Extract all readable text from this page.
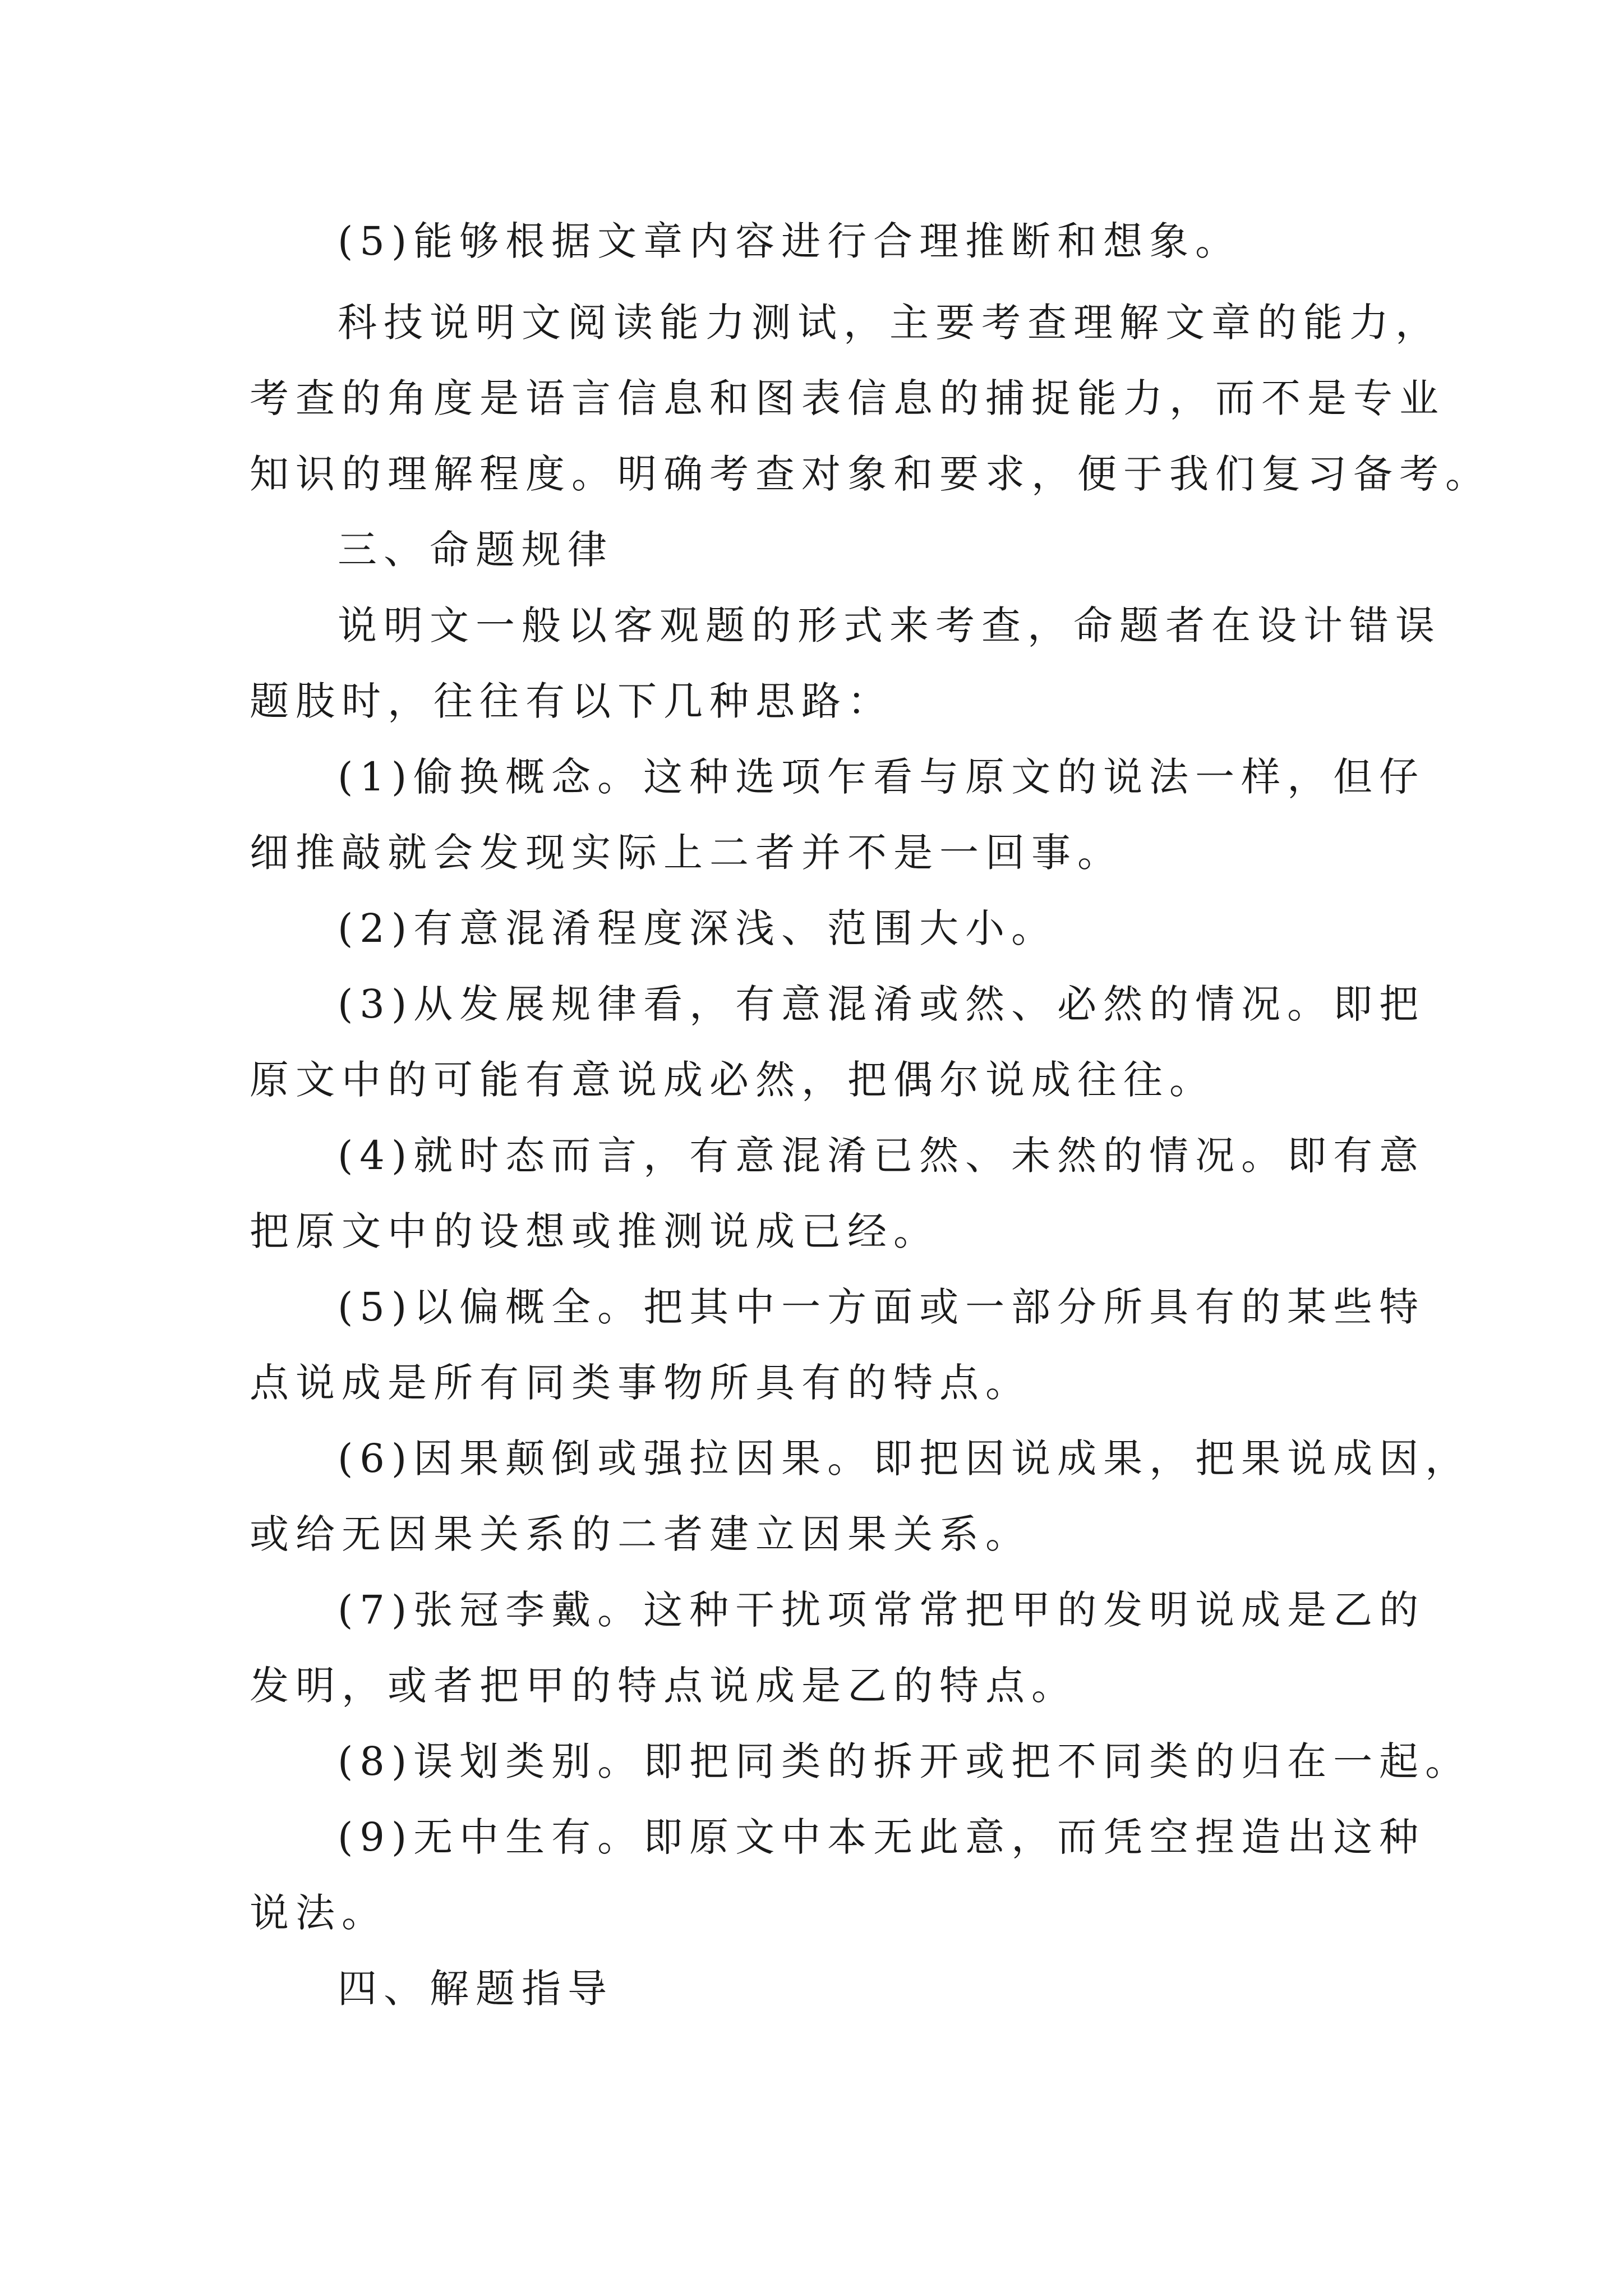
(5)能够根据文章内容进行合理推断和想象。
科技说明文阅读能力测试，主要考查理解文章的能力，
考查的角度是语言信息和图表信息的捕捉能力，而不是专业
知识的理解程度。明确考查对象和要求，便于我们复习备考。
三、命题规律
说明文一般以客观题的形式来考查，命题者在设计错误
题肢时，往往有以下几种思路：
(1)偷换概念。这种选项乍看与原文的说法一样，但仔
细推敲就会发现实际上二者并不是一回事。
(2)有意混淆程度深浅、范围大小。
(3)从发展规律看，有意混淆或然、必然的情况。即把
原文中的可能有意说成必然，把偶尔说成往往。
(4)就时态而言，有意混淆已然、未然的情况。即有意
把原文中的设想或推测说成已经。
(5)以偏概全。把其中一方面或一部分所具有的某些特
点说成是所有同类事物所具有的特点。
(6)因果颠倒或强拉因果。即把因说成果，把果说成因，
或给无因果关系的二者建立因果关系。
(7)张冠李戴。这种干扰项常常把甲的发明说成是乙的
发明，或者把甲的特点说成是乙的特点。
(8)误划类别。即把同类的拆开或把不同类的归在一起。
(9)无中生有。即原文中本无此意，而凭空捏造出这种
说法。
四、解题指导
